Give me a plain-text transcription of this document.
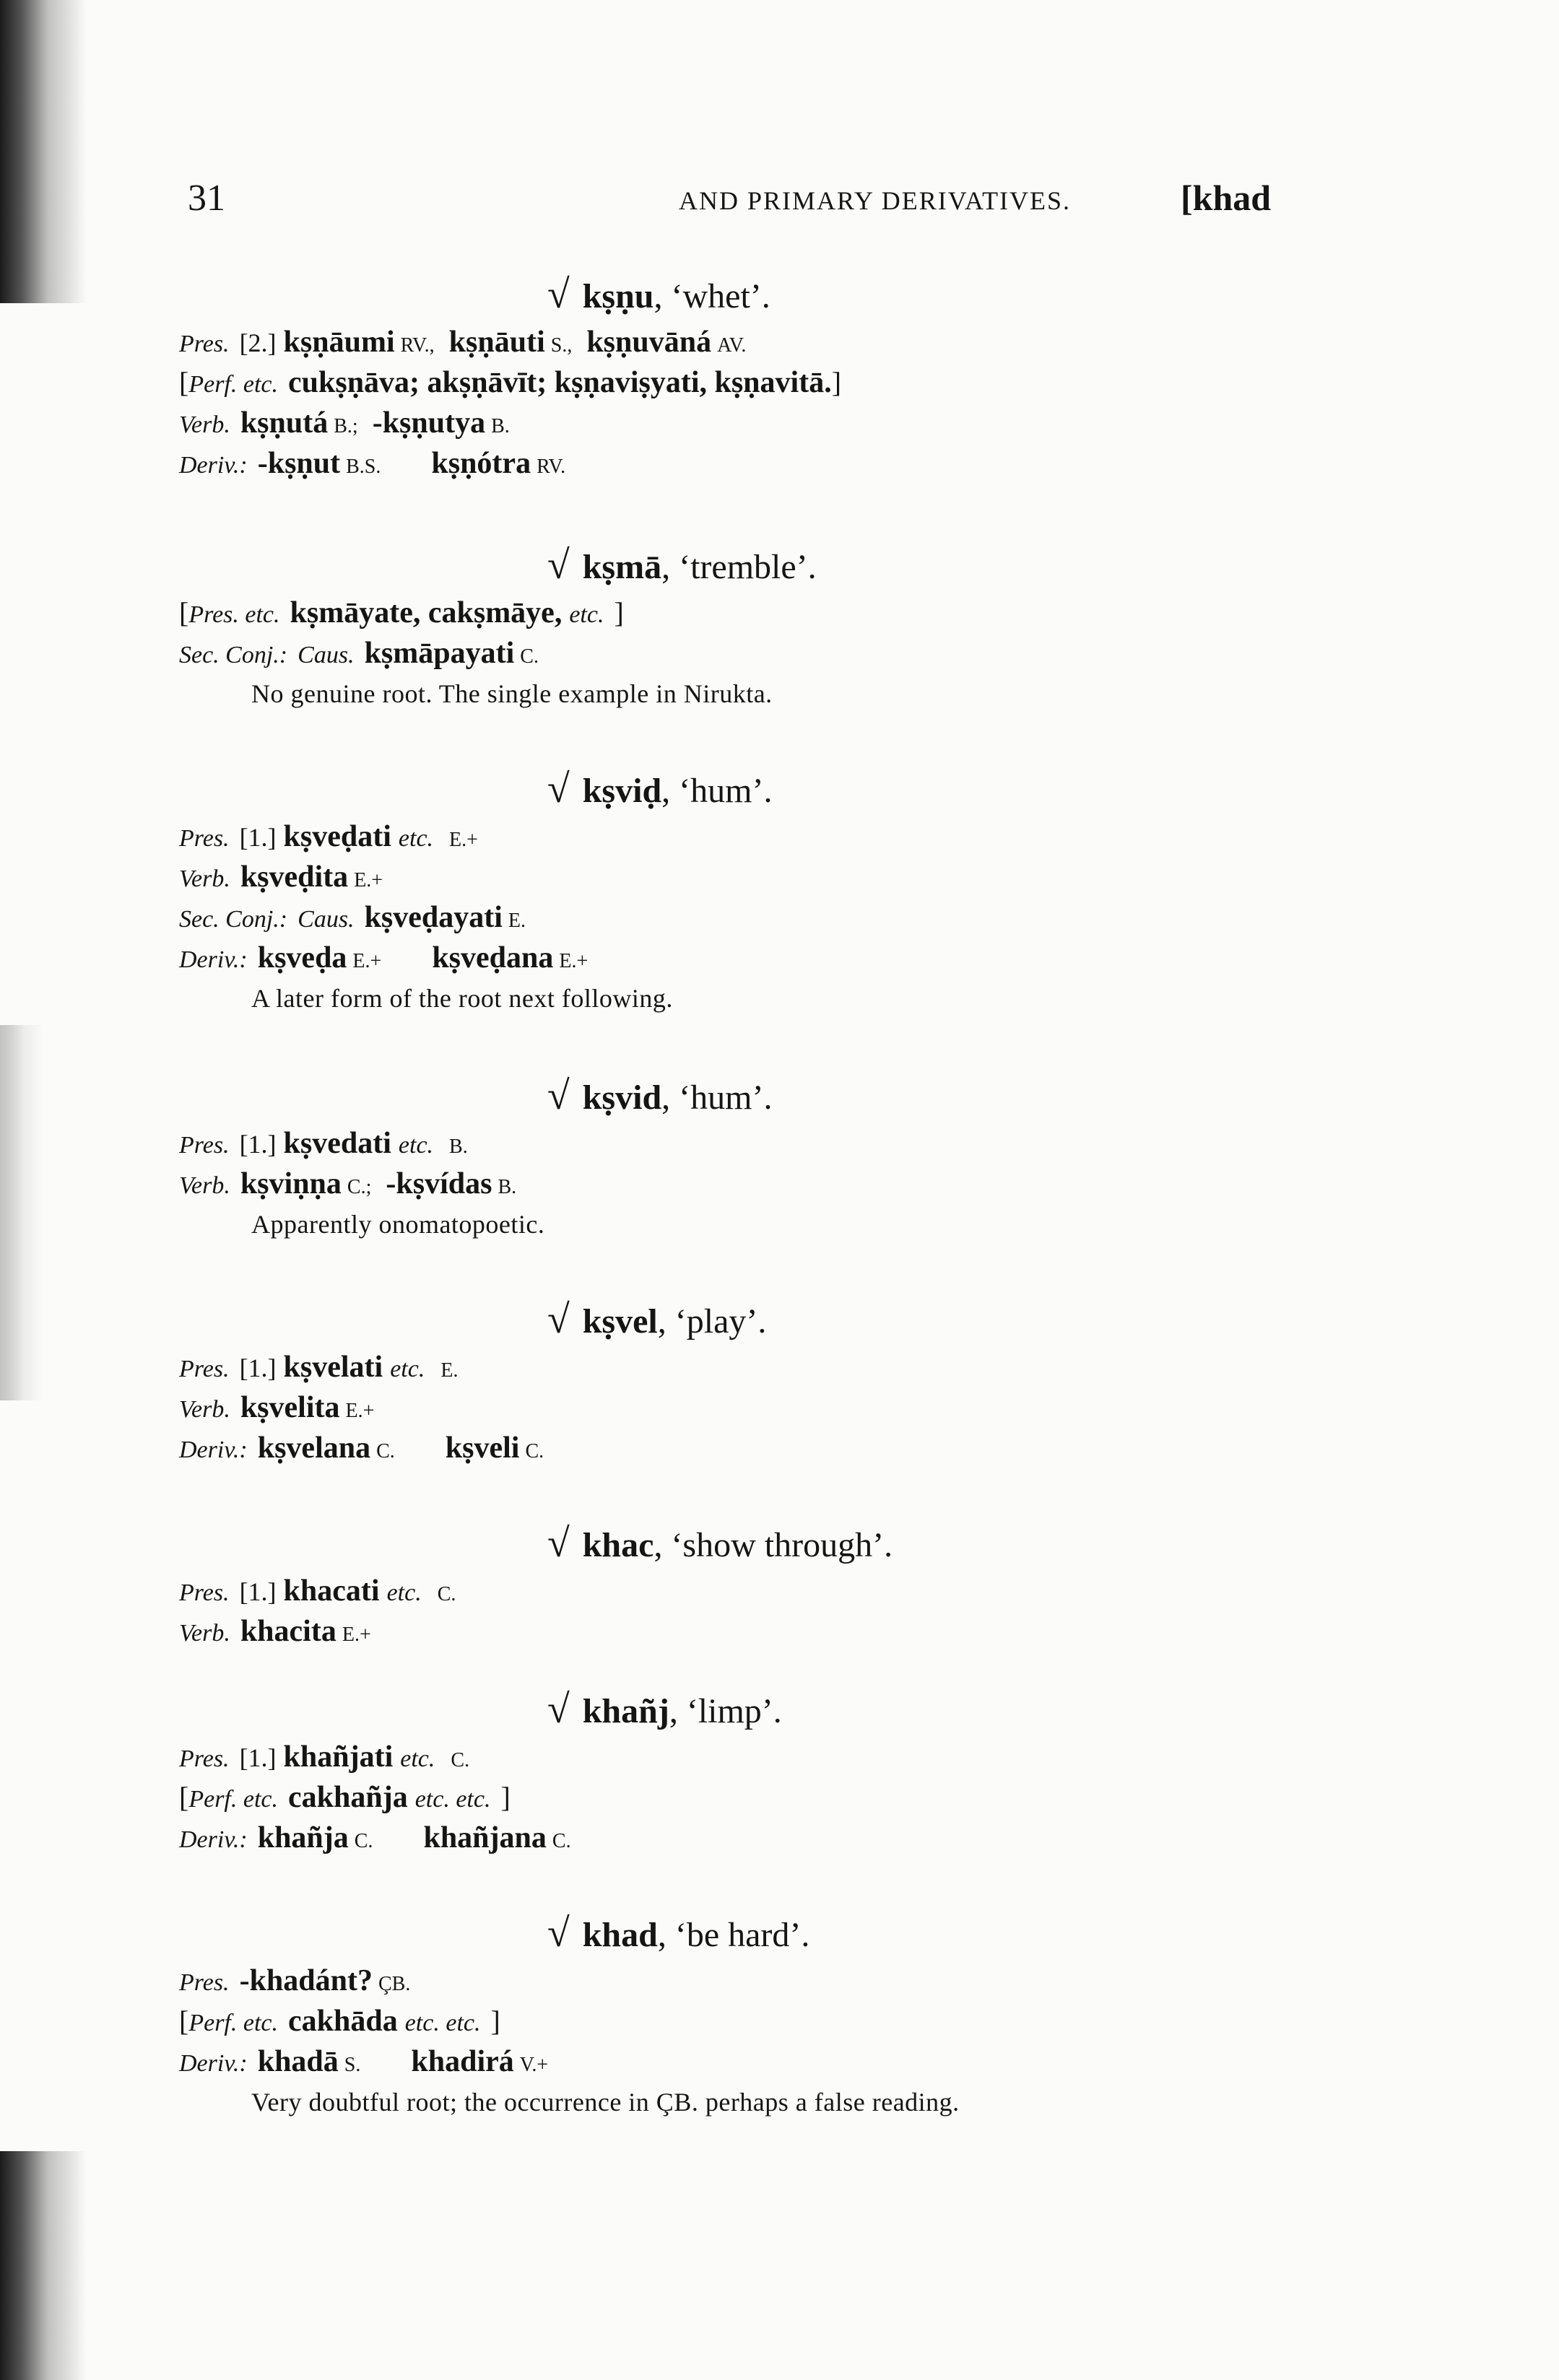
31	AND PRIMARY DERIVATIVES.	[khad
√ kṣṇu, ‘whet’.
Pres. [2.] kṣṇāumi RV., kṣṇāuti S., kṣṇuvāná AV.
[Perf. etc. cukṣṇāva; akṣṇāvīt; kṣṇaviṣyati, kṣṇavitā.]
Verb. kṣṇutá B.; -kṣṇutya B.
Deriv.: -kṣṇut B.S. kṣṇótra RV.
√ kṣmā, ‘tremble’.
[Pres. etc. kṣmāyate, cakṣmāye, etc. ]
Sec. Conj.: Caus. kṣmāpayati C.
No genuine root. The single example in Nirukta.
√ kṣviḍ, ‘hum’.
Pres. [1.] kṣveḍati etc. E.+
Verb. kṣveḍita E.+
Sec. Conj.: Caus. kṣveḍayati E.
Deriv.: kṣveḍa E.+ kṣveḍana E.+
A later form of the root next following.
√ kṣvid, ‘hum’.
Pres. [1.] kṣvedati etc. B.
Verb. kṣviṇṇa C.; -kṣvídas B.
Apparently onomatopoetic.
√ kṣvel, ‘play’.
Pres. [1.] kṣvelati etc. E.
Verb. kṣvelita E.+
Deriv.: kṣvelana C. kṣveli C.
√ khac, ‘show through’.
Pres. [1.] khacati etc. C.
Verb. khacita E.+
√ khañj, ‘limp’.
Pres. [1.] khañjati etc. C.
[Perf. etc. cakhañja etc. etc. ]
Deriv.: khañja C. khañjana C.
√ khad, ‘be hard’.
Pres. -khadánt? ÇB.
[Perf. etc. cakhāda etc. etc. ]
Deriv.: khadā S. khadirá V.+
Very doubtful root; the occurrence in ÇB. perhaps a false reading.
